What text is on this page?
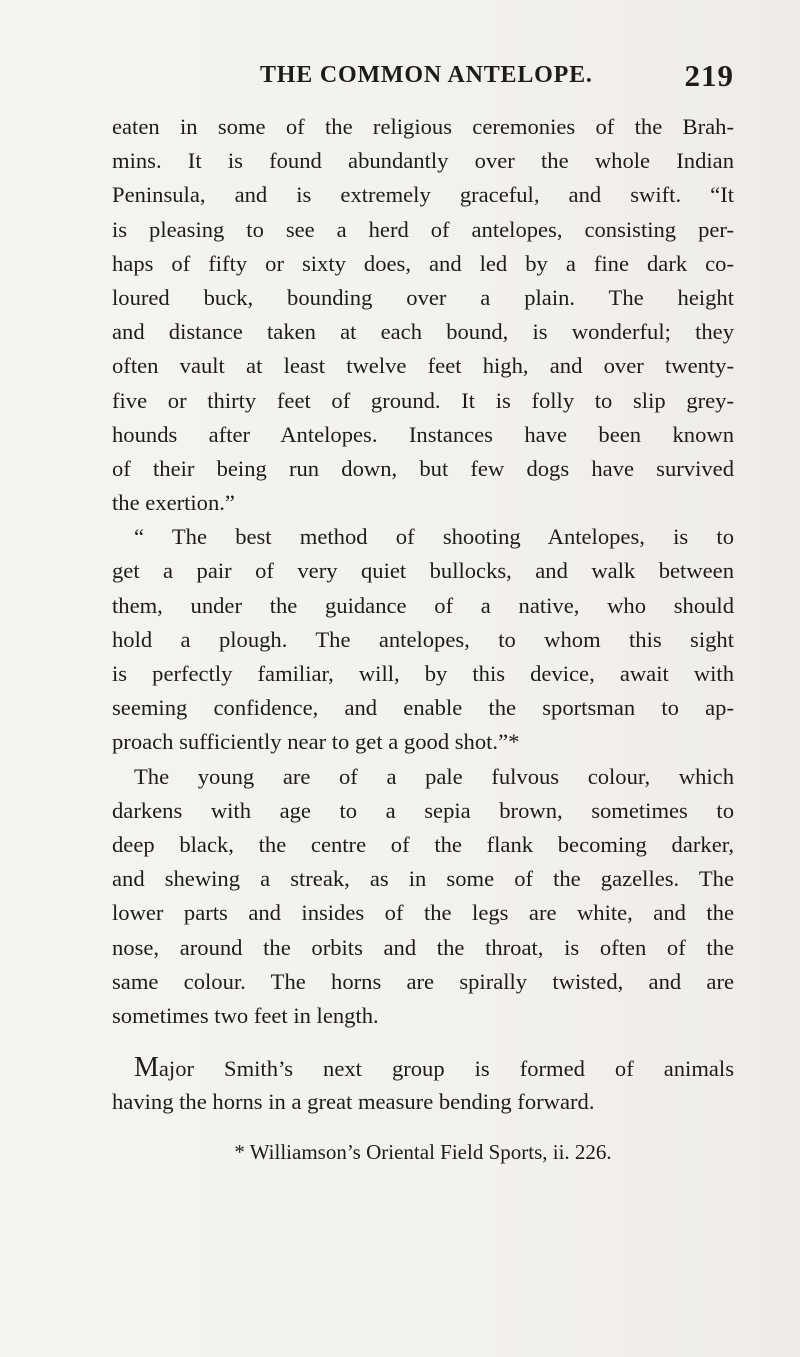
THE COMMON ANTELOPE.	219
eaten in some of the religious ceremonies of the Brah-
mins. It is found abundantly over the whole Indian
Peninsula, and is extremely graceful, and swift. “It
is pleasing to see a herd of antelopes, consisting per-
haps of fifty or sixty does, and led by a fine dark co-
loured buck, bounding over a plain. The height
and distance taken at each bound, is wonderful; they
often vault at least twelve feet high, and over twenty-
five or thirty feet of ground. It is folly to slip grey-
hounds after Antelopes. Instances have been known
of their being run down, but few dogs have survived
the exertion.”
“ The best method of shooting Antelopes, is to
get a pair of very quiet bullocks, and walk between
them, under the guidance of a native, who should
hold a plough. The antelopes, to whom this sight
is perfectly familiar, will, by this device, await with
seeming confidence, and enable the sportsman to ap-
proach sufficiently near to get a good shot.”*
The young are of a pale fulvous colour, which
darkens with age to a sepia brown, sometimes to
deep black, the centre of the flank becoming darker,
and shewing a streak, as in some of the gazelles. The
lower parts and insides of the legs are white, and the
nose, around the orbits and the throat, is often of the
same colour. The horns are spirally twisted, and are
sometimes two feet in length.
Major Smith’s next group is formed of animals
having the horns in a great measure bending forward.
* Williamson’s Oriental Field Sports, ii. 226.
